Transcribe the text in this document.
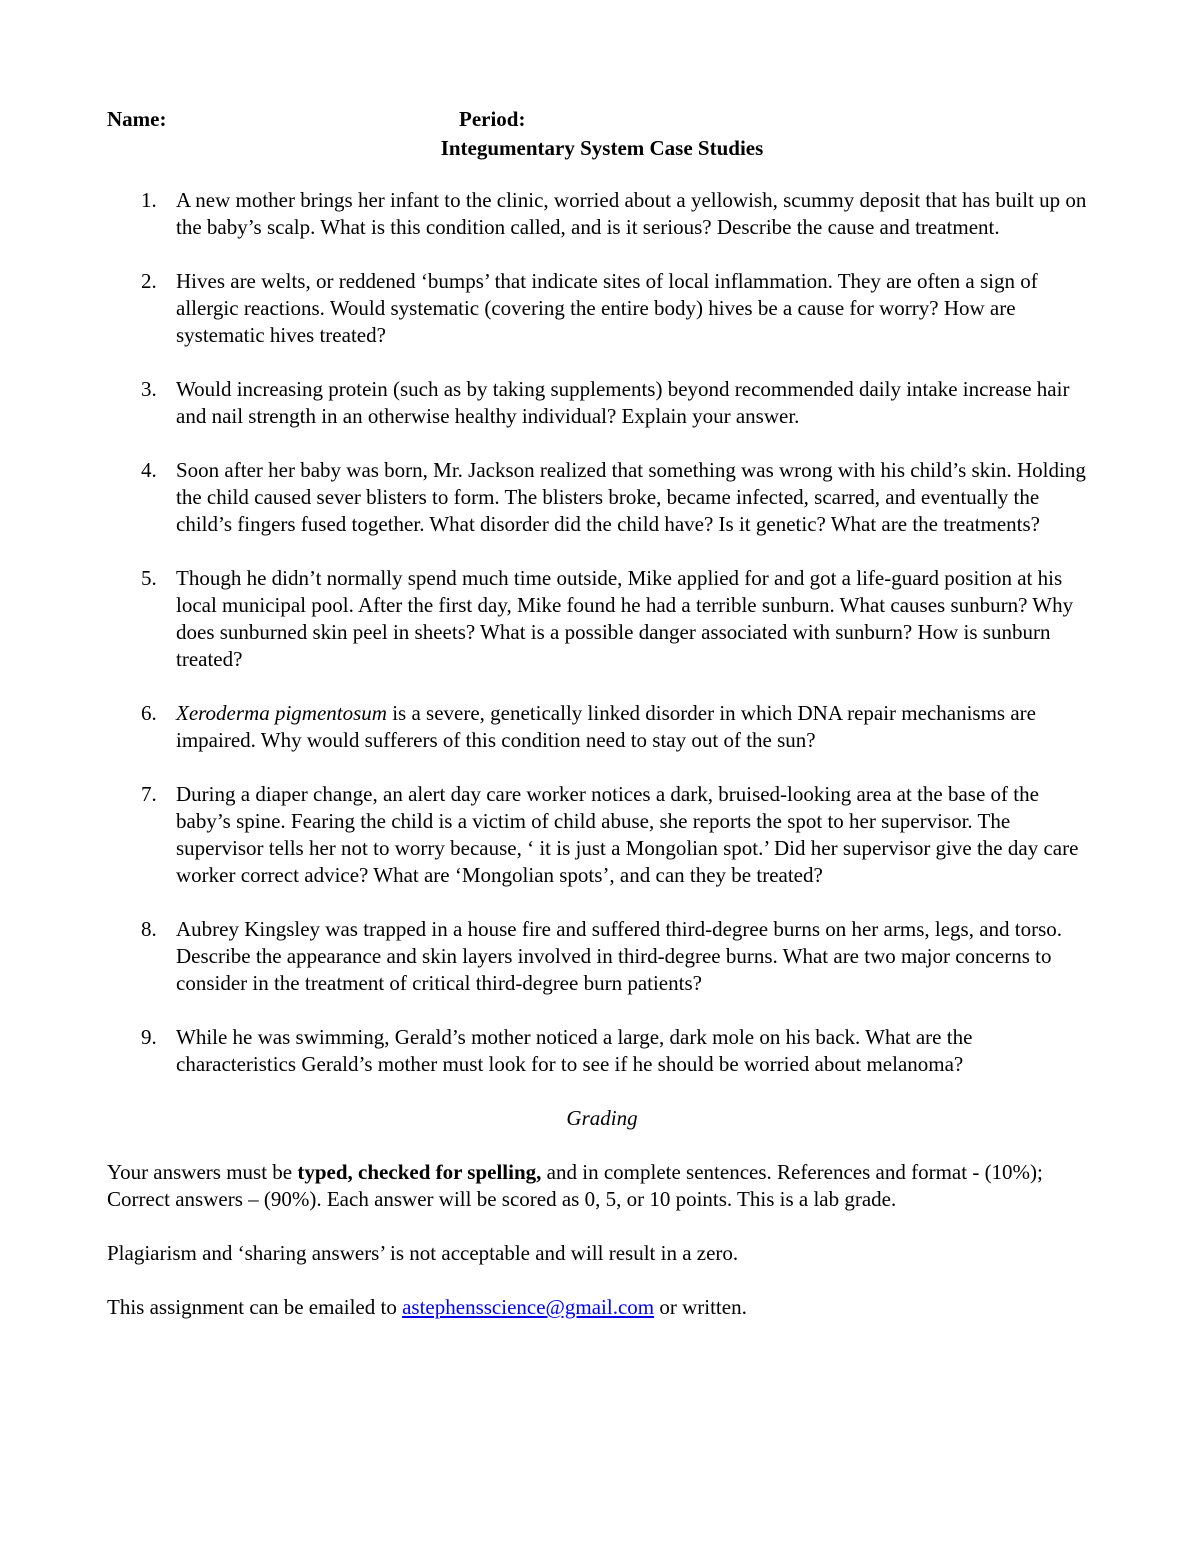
Name:	Period:
Integumentary System Case Studies
1. A new mother brings her infant to the clinic, worried about a yellowish, scummy deposit that has built up on the baby’s scalp. What is this condition called, and is it serious? Describe the cause and treatment.
2. Hives are welts, or reddened ‘bumps’ that indicate sites of local inflammation. They are often a sign of allergic reactions. Would systematic (covering the entire body) hives be a cause for worry? How are systematic hives treated?
3. Would increasing protein (such as by taking supplements) beyond recommended daily intake increase hair and nail strength in an otherwise healthy individual? Explain your answer.
4. Soon after her baby was born, Mr. Jackson realized that something was wrong with his child’s skin. Holding the child caused sever blisters to form. The blisters broke, became infected, scarred, and eventually the child’s fingers fused together. What disorder did the child have? Is it genetic? What are the treatments?
5. Though he didn’t normally spend much time outside, Mike applied for and got a life-guard position at his local municipal pool. After the first day, Mike found he had a terrible sunburn. What causes sunburn? Why does sunburned skin peel in sheets? What is a possible danger associated with sunburn? How is sunburn treated?
6. Xeroderma pigmentosum is a severe, genetically linked disorder in which DNA repair mechanisms are impaired. Why would sufferers of this condition need to stay out of the sun?
7. During a diaper change, an alert day care worker notices a dark, bruised-looking area at the base of the baby’s spine. Fearing the child is a victim of child abuse, she reports the spot to her supervisor. The supervisor tells her not to worry because, ‘ it is just a Mongolian spot.’ Did her supervisor give the day care worker correct advice? What are ‘Mongolian spots’, and can they be treated?
8. Aubrey Kingsley was trapped in a house fire and suffered third-degree burns on her arms, legs, and torso. Describe the appearance and skin layers involved in third-degree burns. What are two major concerns to consider in the treatment of critical third-degree burn patients?
9. While he was swimming, Gerald’s mother noticed a large, dark mole on his back. What are the characteristics Gerald’s mother must look for to see if he should be worried about melanoma?
Grading
Your answers must be typed, checked for spelling, and in complete sentences. References and format - (10%); Correct answers – (90%). Each answer will be scored as 0, 5, or 10 points. This is a lab grade.
Plagiarism and ‘sharing answers’ is not acceptable and will result in a zero.
This assignment can be emailed to astephensscience@gmail.com or written.
